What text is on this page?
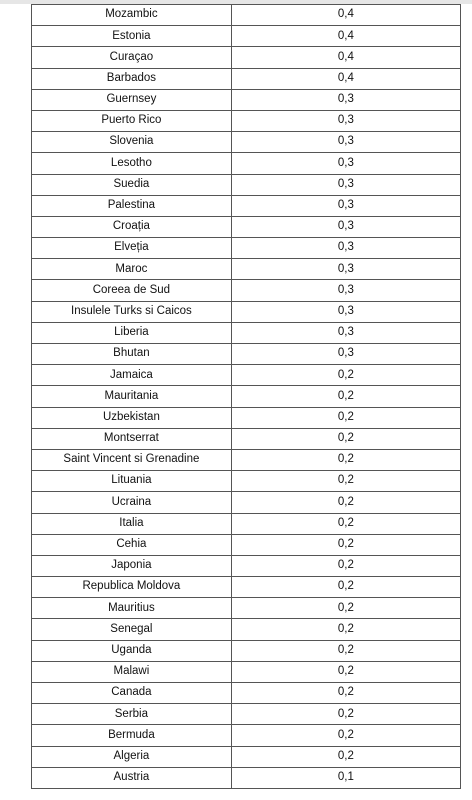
Mozambic	0,4
Estonia	0,4
Curaçao	0,4
Barbados	0,4
Guernsey	0,3
Puerto Rico	0,3
Slovenia	0,3
Lesotho	0,3
Suedia	0,3
Palestina	0,3
Croația	0,3
Elveția	0,3
Maroc	0,3
Coreea de Sud	0,3
Insulele Turks si Caicos	0,3
Liberia	0,3
Bhutan	0,3
Jamaica	0,2
Mauritania	0,2
Uzbekistan	0,2
Montserrat	0,2
Saint Vincent si Grenadine	0,2
Lituania	0,2
Ucraina	0,2
Italia	0,2
Cehia	0,2
Japonia	0,2
Republica Moldova	0,2
Mauritius	0,2
Senegal	0,2
Uganda	0,2
Malawi	0,2
Canada	0,2
Serbia	0,2
Bermuda	0,2
Algeria	0,2
Austria	0,1
